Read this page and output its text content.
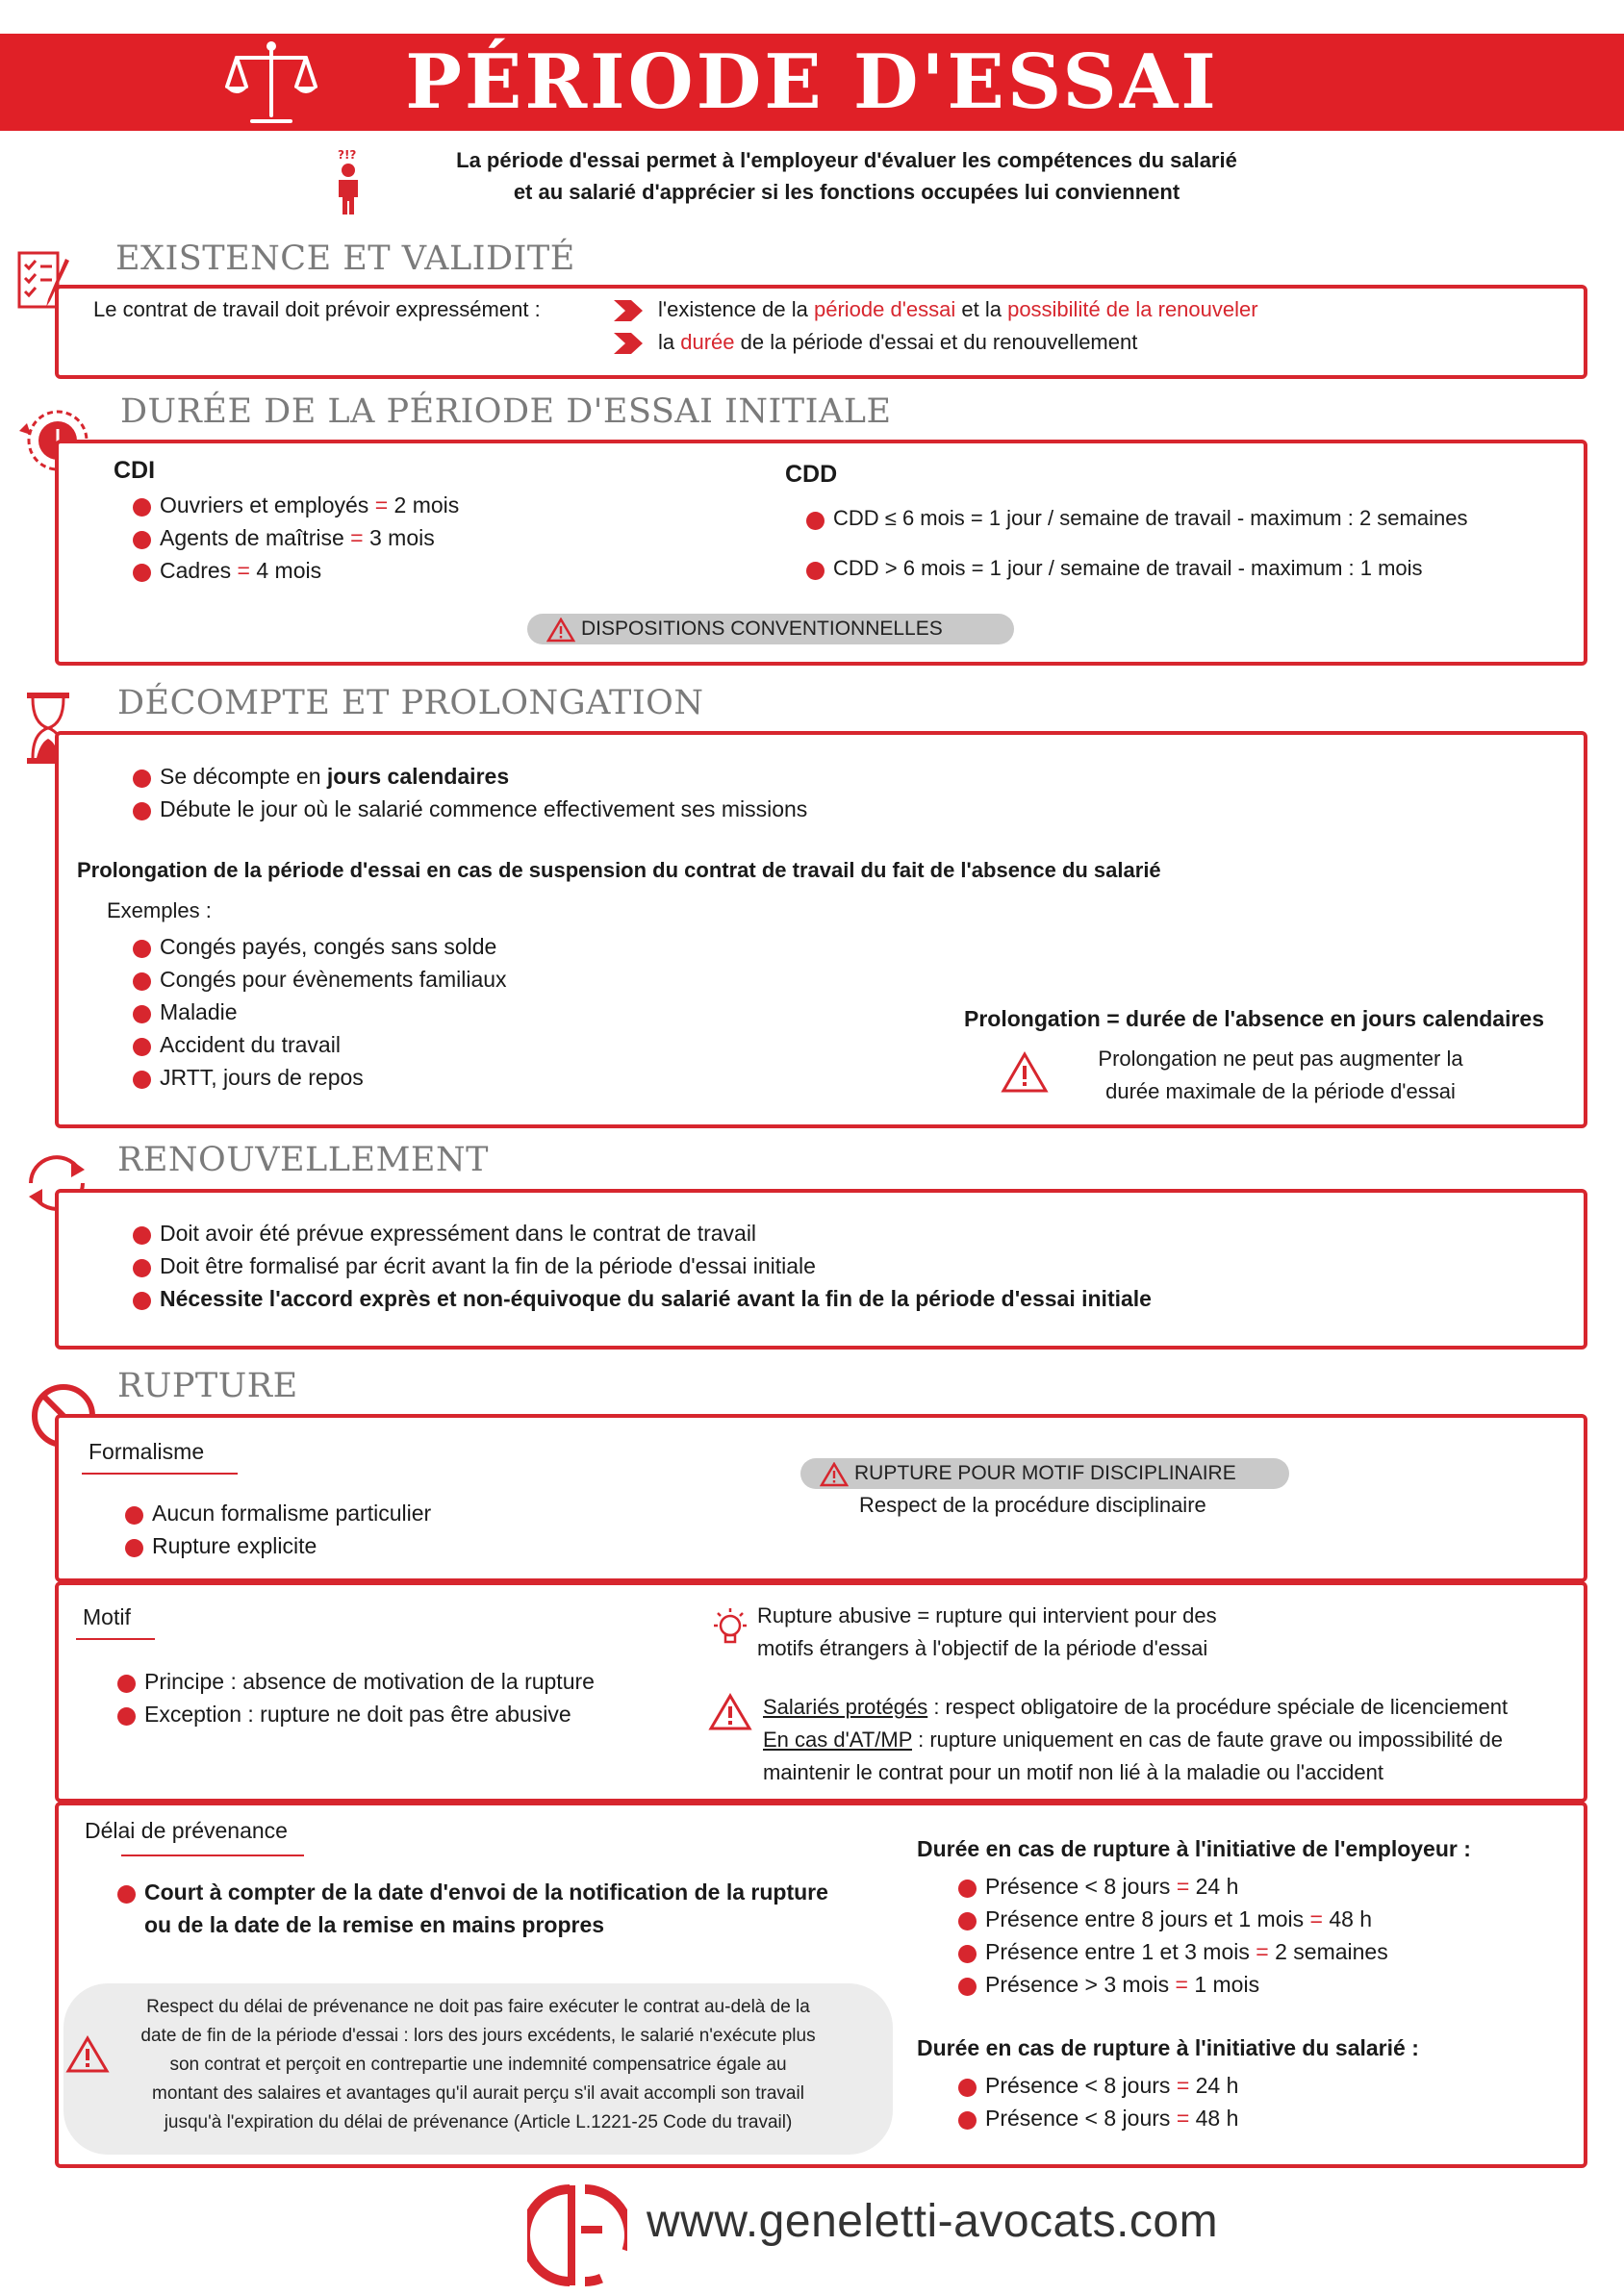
PÉRIODE D'ESSAI
?!?	La période d'essai permet à l'employeur d'évaluer les compétences du salarié
et au salarié d'apprécier si les fonctions occupées lui conviennent
EXISTENCE ET VALIDITÉ
Le contrat de travail doit prévoir expressément :	l'existence de la période d'essai et la possibilité de la renouveler
la durée de la période d'essai et du renouvellement
DURÉE DE LA PÉRIODE D'ESSAI INITIALE
CDI
Ouvriers et employés = 2 mois
Agents de maîtrise = 3 mois
Cadres = 4 mois
CDD
CDD ≤ 6 mois = 1 jour / semaine de travail - maximum : 2 semaines
CDD > 6 mois = 1 jour / semaine de travail - maximum : 1 mois
DISPOSITIONS CONVENTIONNELLES
DÉCOMPTE ET PROLONGATION
Se décompte en jours calendaires
Débute le jour où le salarié commence effectivement ses missions
Prolongation de la période d'essai en cas de suspension du contrat de travail du fait de l'absence du salarié
Exemples :
Congés payés, congés sans solde
Congés pour évènements familiaux
Maladie
Accident du travail
JRTT, jours de repos
Prolongation = durée de l'absence en jours calendaires
Prolongation ne peut pas augmenter la
durée maximale de la période d'essai
RENOUVELLEMENT
Doit avoir été prévue expressément dans le contrat de travail
Doit être formalisé par écrit avant la fin de la période d'essai initiale
Nécessite l'accord exprès et non-équivoque du salarié avant la fin de la période d'essai initiale
RUPTURE
Formalisme
Aucun formalisme particulier
Rupture explicite
RUPTURE POUR MOTIF DISCIPLINAIRE
Respect de la procédure disciplinaire
Motif
Principe : absence de motivation de la rupture
Exception : rupture ne doit pas être abusive
Rupture abusive = rupture qui intervient pour des
motifs étrangers à l'objectif de la période d'essai
Salariés protégés : respect obligatoire de la procédure spéciale de licenciement
En cas d'AT/MP : rupture uniquement en cas de faute grave ou impossibilité de
maintenir le contrat pour un motif non lié à la maladie ou l'accident
Délai de prévenance
Court à compter de la date d'envoi de la notification de la rupture
ou de la date de la remise en mains propres
Respect du délai de prévenance ne doit pas faire exécuter le contrat au-delà de la
date de fin de la période d'essai : lors des jours excédents, le salarié n'exécute plus
son contrat et perçoit en contrepartie une indemnité compensatrice égale au
montant des salaires et avantages qu'il aurait perçu s'il avait accompli son travail
jusqu'à l'expiration du délai de prévenance (Article L.1221-25 Code du travail)
Durée en cas de rupture à l'initiative de l'employeur :
Présence < 8 jours = 24 h
Présence entre 8 jours et 1 mois = 48 h
Présence entre 1 et 3 mois = 2 semaines
Présence > 3 mois = 1 mois
Durée en cas de rupture à l'initiative du salarié :
Présence < 8 jours = 24 h
Présence < 8 jours = 48 h
www.geneletti-avocats.com
